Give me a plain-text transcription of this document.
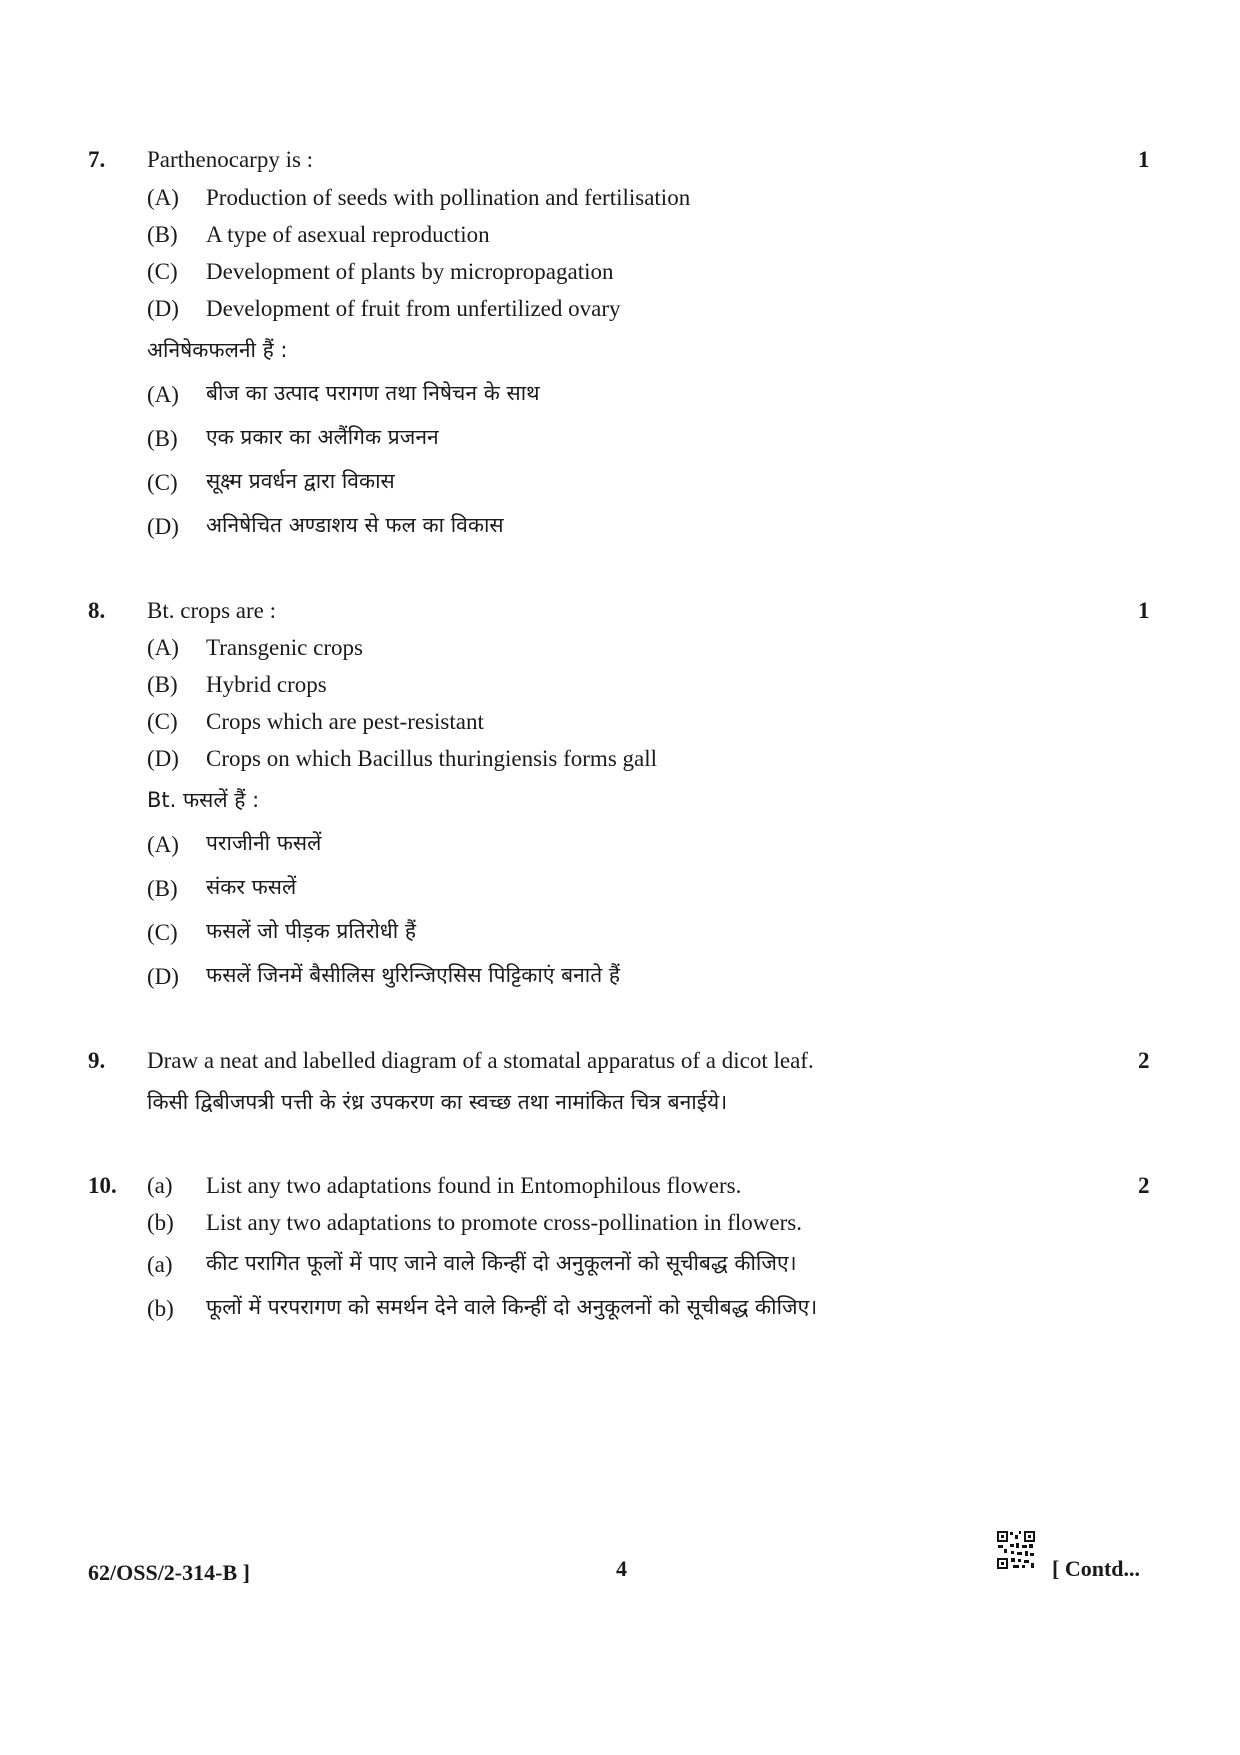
7. Parthenocarpy is :	1
(A) Production of seeds with pollination and fertilisation
(B) A type of asexual reproduction
(C) Development of plants by micropropagation
(D) Development of fruit from unfertilized ovary
अनिषेकफलनी हैं :
(A) बीज का उत्पाद परागण तथा निषेचन के साथ
(B) एक प्रकार का अलैंगिक प्रजनन
(C) सूक्ष्म प्रवर्धन द्वारा विकास
(D) अनिषेचित अण्डाशय से फल का विकास
8. Bt. crops are :	1
(A) Transgenic crops
(B) Hybrid crops
(C) Crops which are pest-resistant
(D) Crops on which Bacillus thuringiensis forms gall
Bt. फसलें हैं :
(A) पराजीनी फसलें
(B) संकर फसलें
(C) फसलें जो पीड़क प्रतिरोधी हैं
(D) फसलें जिनमें बैसीलिस थुरिन्जिएसिस पिट्टिकाएं बनाते हैं
9. Draw a neat and labelled diagram of a stomatal apparatus of a dicot leaf.	2
किसी द्विबीजपत्री पत्ती के रंध्र उपकरण का स्वच्छ तथा नामांकित चित्र बनाईये।
10.	2
(a) List any two adaptations found in Entomophilous flowers.
(b) List any two adaptations to promote cross-pollination in flowers.
(a) कीट परागित फूलों में पाए जाने वाले किन्हीं दो अनुकूलनों को सूचीबद्ध कीजिए।
(b) फूलों में परपरागण को समर्थन देने वाले किन्हीं दो अनुकूलनों को सूचीबद्ध कीजिए।
62/OSS/2-314-B ]	4	[ Contd...
